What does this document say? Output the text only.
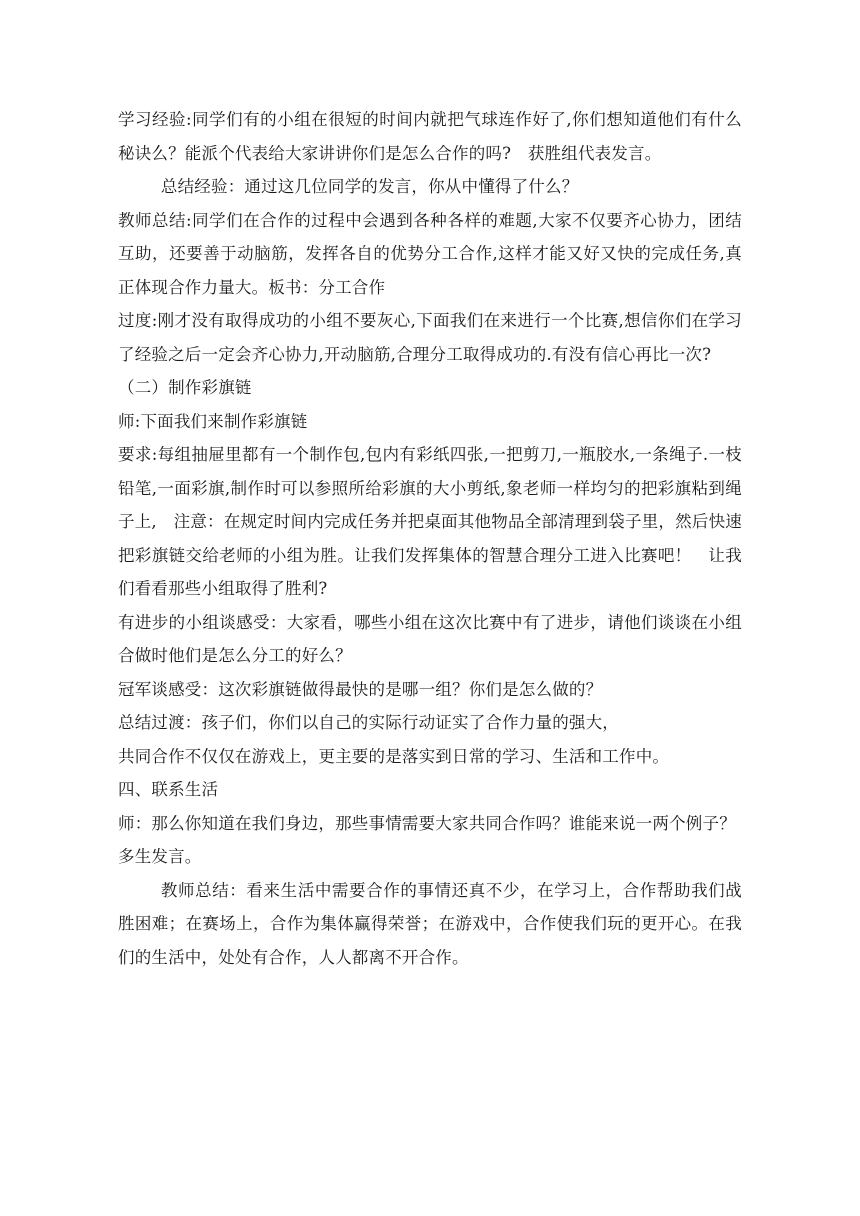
学习经验:同学们有的小组在很短的时间内就把气球连作好了,你们想知道他们有什么秘诀么？能派个代表给大家讲讲你们是怎么合作的吗?　获胜组代表发言。

总结经验：通过这几位同学的发言，你从中懂得了什么？

教师总结:同学们在合作的过程中会遇到各种各样的难题,大家不仅要齐心协力，团结互助，还要善于动脑筋，发挥各自的优势分工合作,这样才能又好又快的完成任务,真正体现合作力量大。板书：分工合作

过度:刚才没有取得成功的小组不要灰心,下面我们在来进行一个比赛,想信你们在学习了经验之后一定会齐心协力,开动脑筋,合理分工取得成功的.有没有信心再比一次?

（二）制作彩旗链

师:下面我们来制作彩旗链

要求:每组抽屉里都有一个制作包,包内有彩纸四张,一把剪刀,一瓶胶水,一条绳子.一枝铅笔,一面彩旗,制作时可以参照所给彩旗的大小剪纸,象老师一样均匀的把彩旗粘到绳子上,　注意：在规定时间内完成任务并把桌面其他物品全部清理到袋子里，然后快速把彩旗链交给老师的小组为胜。让我们发挥集体的智慧合理分工进入比赛吧！　让我们看看那些小组取得了胜利?

有进步的小组谈感受：大家看，哪些小组在这次比赛中有了进步，请他们谈谈在小组合做时他们是怎么分工的好么？

冠军谈感受：这次彩旗链做得最快的是哪一组？你们是怎么做的？

总结过渡：孩子们，你们以自己的实际行动证实了合作力量的强大，

共同合作不仅仅在游戏上，更主要的是落实到日常的学习、生活和工作中。

四、联系生活

师：那么你知道在我们身边，那些事情需要大家共同合作吗？谁能来说一两个例子？

多生发言。

教师总结：看来生活中需要合作的事情还真不少，在学习上，合作帮助我们战胜困难；在赛场上，合作为集体赢得荣誉；在游戏中，合作使我们玩的更开心。在我们的生活中，处处有合作，人人都离不开合作。
